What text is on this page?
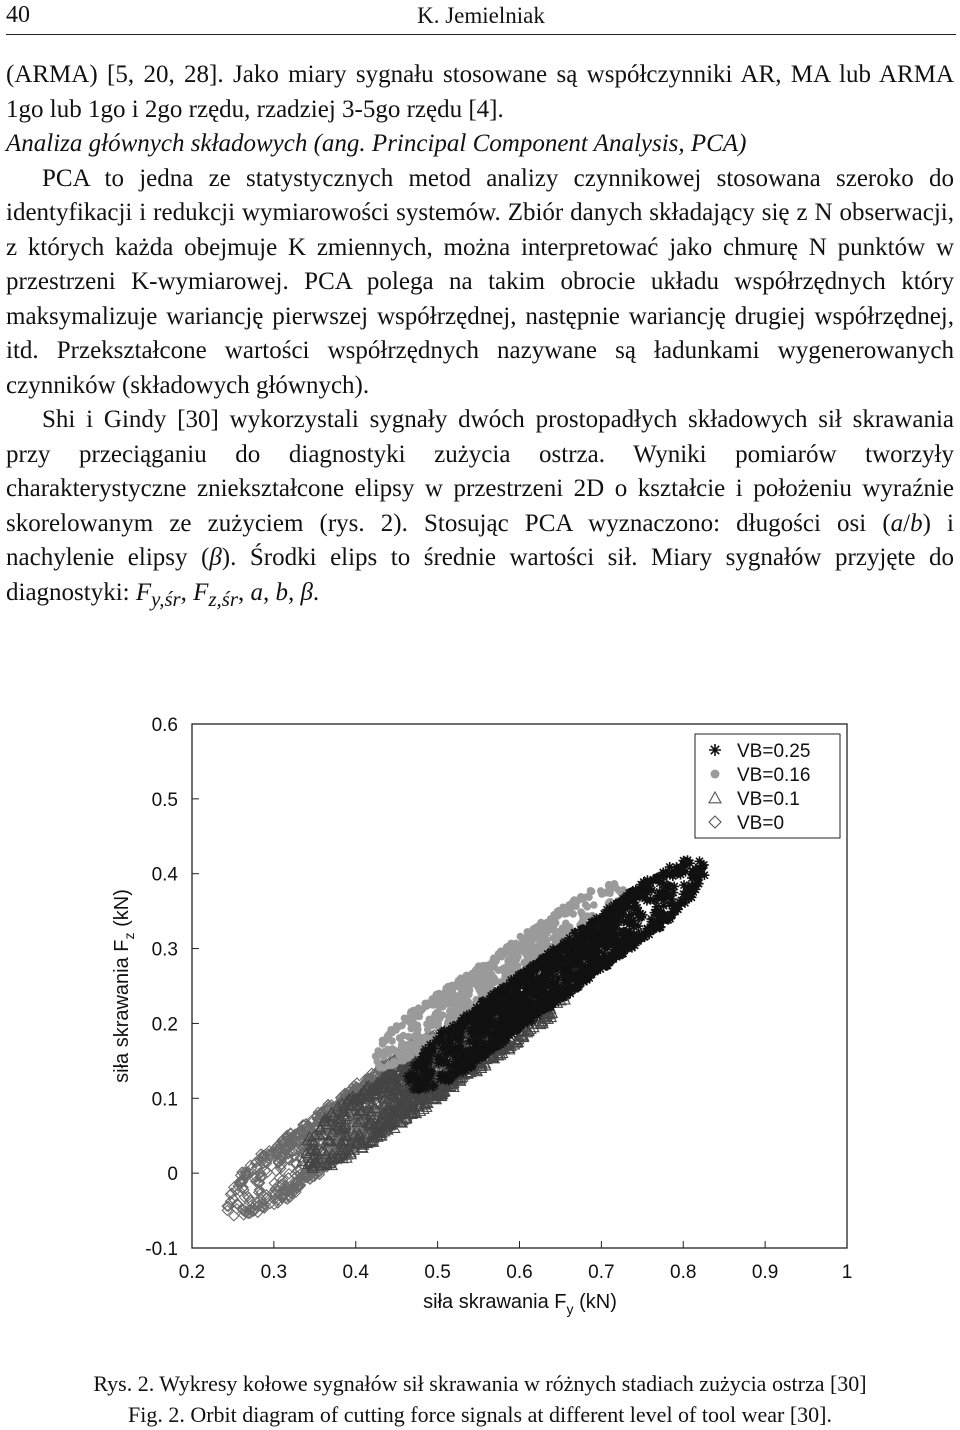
40	K. Jemielniak

(ARMA) [5, 20, 28]. Jako miary sygnału stosowane są współczynniki AR, MA lub ARMA 1go lub 1go i 2go rzędu, rzadziej 3-5go rzędu [4].

Analiza głównych składowych (ang. Principal Component Analysis, PCA)

PCA to jedna ze statystycznych metod analizy czynnikowej stosowana szeroko do identyfikacji i redukcji wymiarowości systemów. Zbiór danych składający się z N obserwacji, z których każda obejmuje K zmiennych, można interpretować jako chmurę N punktów w przestrzeni K-wymiarowej. PCA polega na takim obrocie układu współrzędnych który maksymalizuje wariancję pierwszej współrzędnej, następnie wariancję drugiej współrzędnej, itd. Przekształcone wartości współrzędnych nazywane są ładunkami wygenerowanych czynników (składowych głównych).

Shi i Gindy [30] wykorzystali sygnały dwóch prostopadłych składowych sił skrawania przy przeciąganiu do diagnostyki zużycia ostrza. Wyniki pomiarów tworzyły charakterystyczne zniekształcone elipsy w przestrzeni 2D o kształcie i położeniu wyraźnie skorelowanym ze zużyciem (rys. 2). Stosując PCA wyznaczono: długości osi (a/b) i nachylenie elipsy (β). Środki elips to średnie wartości sił. Miary sygnałów przyjęte do diagnostyki: $F_{y,śr}$, $F_{z,śr}$, a, b, β.

0.2	0.3	0.4	0.5	0.6	0.7	0.8	0.9	1
-0.1
0
0.1
0.2
0.3
0.4
0.5
0.6
VB=0.25
VB=0.16
VB=0.1
VB=0
siła skrawania $F_y$ (kN)
siła skrawania $F_z$ (kN)
Rys. 2. Wykresy kołowe sygnałów sił skrawania w różnych stadiach zużycia ostrza [30]
Fig. 2. Orbit diagram of cutting force signals at different level of tool wear [30].
